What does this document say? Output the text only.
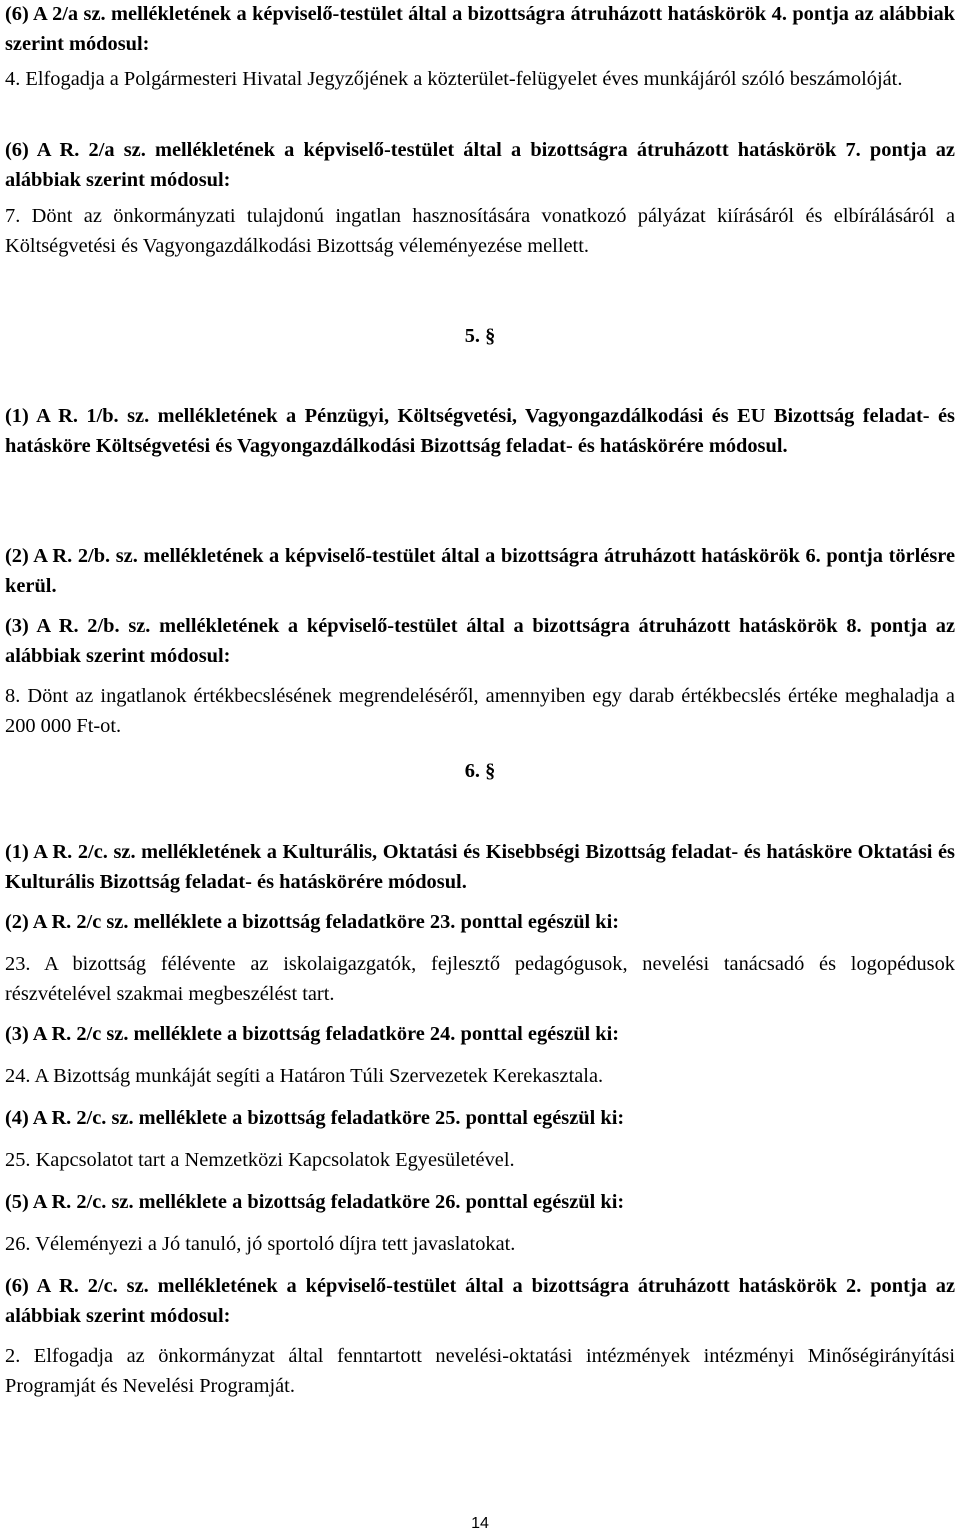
(6) A 2/a sz. mellékletének a képviselő-testület által a bizottságra átruházott hatáskörök 4. pontja az alábbiak szerint módosul:

4. Elfogadja a Polgármesteri Hivatal Jegyzőjének a közterület-felügyelet éves munkájáról szóló beszámolóját.

(6) A R. 2/a sz. mellékletének a képviselő-testület által a bizottságra átruházott hatáskörök 7. pontja az alábbiak szerint módosul:

7. Dönt az önkormányzati tulajdonú ingatlan hasznosítására vonatkozó pályázat kiírásáról és elbírálásáról a Költségvetési és Vagyongazdálkodási Bizottság véleményezése mellett.

5. §

(1) A R. 1/b. sz. mellékletének a Pénzügyi, Költségvetési, Vagyongazdálkodási és EU Bizottság feladat- és hatásköre Költségvetési és Vagyongazdálkodási Bizottság feladat- és hatáskörére módosul.

(2) A R. 2/b. sz. mellékletének a képviselő-testület által a bizottságra átruházott hatáskörök 6. pontja törlésre kerül.

(3) A R. 2/b. sz. mellékletének a képviselő-testület által a bizottságra átruházott hatáskörök 8. pontja az alábbiak szerint módosul:

8. Dönt az ingatlanok értékbecslésének megrendeléséről, amennyiben egy darab értékbecslés értéke meghaladja a 200 000 Ft-ot.

6. §

(1) A R. 2/c. sz. mellékletének a Kulturális, Oktatási és Kisebbségi Bizottság feladat- és hatásköre Oktatási és Kulturális Bizottság feladat- és hatáskörére módosul.

(2) A R. 2/c sz. melléklete a bizottság feladatköre 23. ponttal egészül ki:

23. A bizottság félévente az iskolaigazgatók, fejlesztő pedagógusok, nevelési tanácsadó és logopédusok részvételével szakmai megbeszélést tart.

(3) A R. 2/c sz. melléklete a bizottság feladatköre 24. ponttal egészül ki:

24. A Bizottság munkáját segíti a Határon Túli Szervezetek Kerekasztala.

(4) A R. 2/c. sz. melléklete a bizottság feladatköre 25. ponttal egészül ki:

25. Kapcsolatot tart a Nemzetközi Kapcsolatok Egyesületével.

(5) A R. 2/c. sz. melléklete a bizottság feladatköre 26. ponttal egészül ki:

26. Véleményezi a Jó tanuló, jó sportoló díjra tett javaslatokat.

(6) A R. 2/c. sz. mellékletének a képviselő-testület által a bizottságra átruházott hatáskörök 2. pontja az alábbiak szerint módosul:

2. Elfogadja az önkormányzat által fenntartott nevelési-oktatási intézmények intézményi Minőségirányítási Programját és Nevelési Programját.

14
